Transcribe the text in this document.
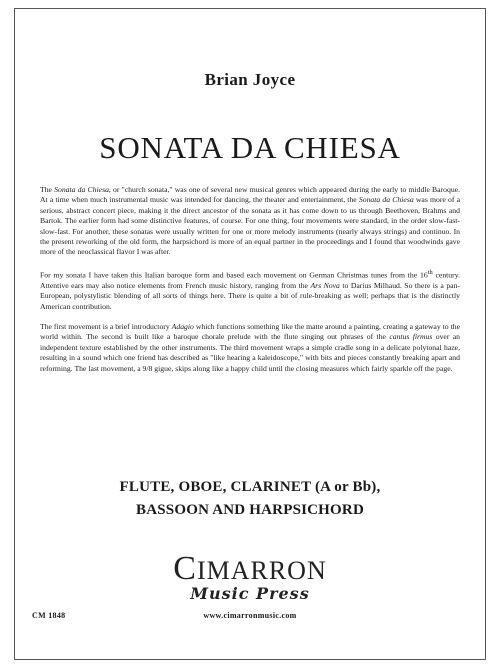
Brian Joyce
SONATA DA CHIESA

The Sonata da Chiesa, or "church sonata," was one of several new musical genres which appeared during the early to middle Baroque. At a time when much instrumental music was intended for dancing, the theater and entertainment, the Sonata da Chiesa was more of a serious, abstract concert piece, making it the direct ancestor of the sonata as it has come down to us through Beethoven, Brahms and Bartok. The earlier form had some distinctive features, of course. For one thing, four movements were standard, in the order slow-fast-slow-fast. For another, these sonatas were usually written for one or more melody instruments (nearly always strings) and continuo. In the present reworking of the old form, the harpsichord is more of an equal partner in the proceedings and I found that woodwinds gave more of the neoclassical flavor I was after.

For my sonata I have taken this Italian baroque form and based each movement on German Christmas tunes from the 16th century. Attentive ears may also notice elements from French music history, ranging from the Ars Nova to Darius Milhaud. So there is a pan-European, polystylistic blending of all sorts of things here. There is quite a bit of rule-breaking as well; perhaps that is the distinctly American contribution.

The first movement is a brief introductory Adagio which functions something like the matte around a painting, creating a gateway to the world within. The second is built like a baroque chorale prelude with the flute singing out phrases of the cantus firmus over an independent texture established by the other instruments. The third movement wraps a simple cradle song in a delicate polytonal haze, resulting in a sound which one friend has described as "like hearing a kaleidoscope," with bits and pieces constantly breaking apart and reforming. The last movement, a 9/8 gigue, skips along like a happy child until the closing measures which fairly sparkle off the page.

FLUTE, OBOE, CLARINET (A or Bb),
BASSOON AND HARPSICHORD
CIMARRON
Music Press
CM 1848	www.cimarronmusic.com
